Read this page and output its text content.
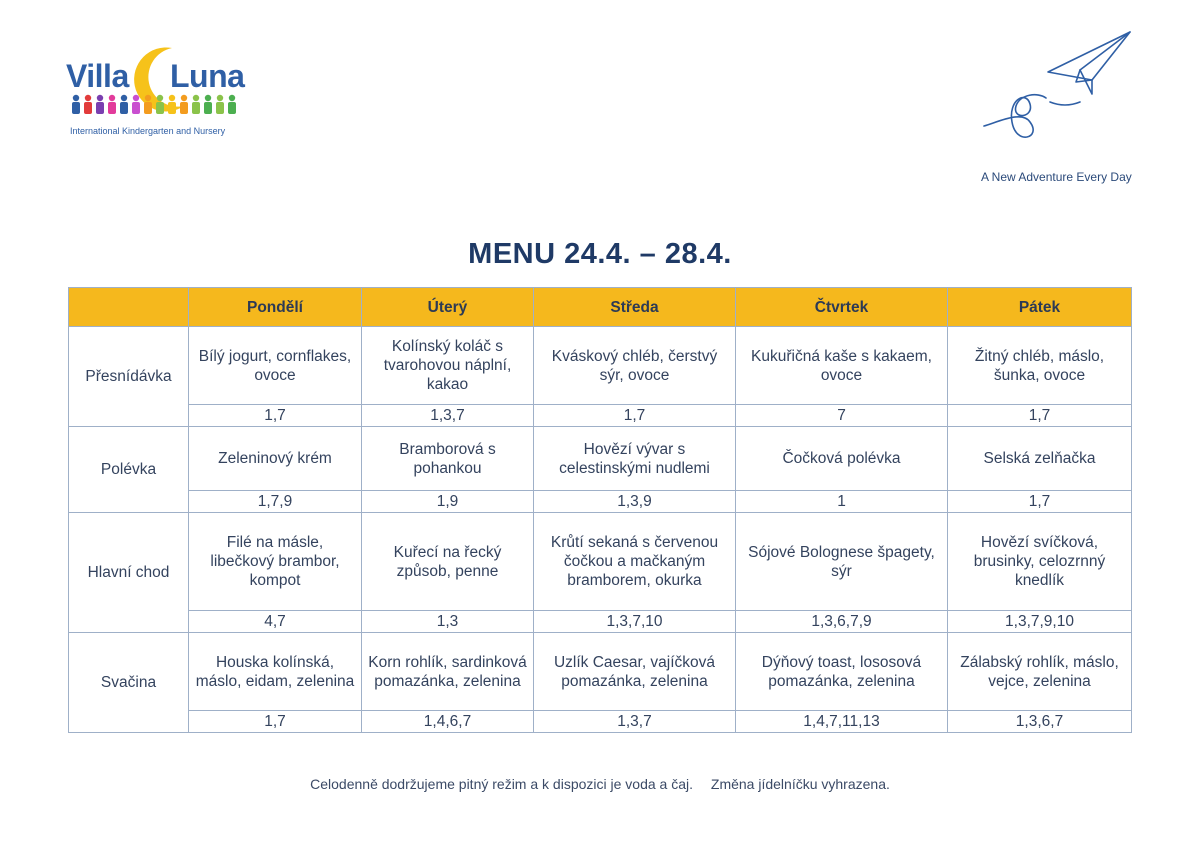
Villa Luna
International Kindergarten and Nursery
A New Adventure Every Day
MENU 24.4. – 28.4.
	Pondělí	Úterý	Středa	Čtvrtek	Pátek
Přesnídávka	Bílý jogurt, cornflakes, ovoce	Kolínský koláč s tvarohovou náplní, kakao	Kváskový chléb, čerstvý sýr, ovoce	Kukuřičná kaše s kakaem, ovoce	Žitný chléb, máslo, šunka, ovoce
	1,7	1,3,7	1,7	7	1,7
Polévka	Zeleninový krém	Bramborová s pohankou	Hovězí vývar s celestinskými nudlemi	Čočková polévka	Selská zelňačka
	1,7,9	1,9	1,3,9	1	1,7
Hlavní chod	Filé na másle, libečkový brambor, kompot	Kuřecí na řecký způsob, penne	Krůtí sekaná s červenou čočkou a mačkaným bramborem, okurka	Sójové Bolognese špagety, sýr	Hovězí svíčková, brusinky, celozrnný knedlík
	4,7	1,3	1,3,7,10	1,3,6,7,9	1,3,7,9,10
Svačina	Houska kolínská, máslo, eidam, zelenina	Korn rohlík, sardinková pomazánka, zelenina	Uzlík Caesar, vajíčková pomazánka, zelenina	Dýňový toast, lososová pomazánka, zelenina	Zálabský rohlík, máslo, vejce, zelenina
	1,7	1,4,6,7	1,3,7	1,4,7,11,13	1,3,6,7
Celodenně dodržujeme pitný režim a k dispozici je voda a čaj. Změna jídelníčku vyhrazena.
